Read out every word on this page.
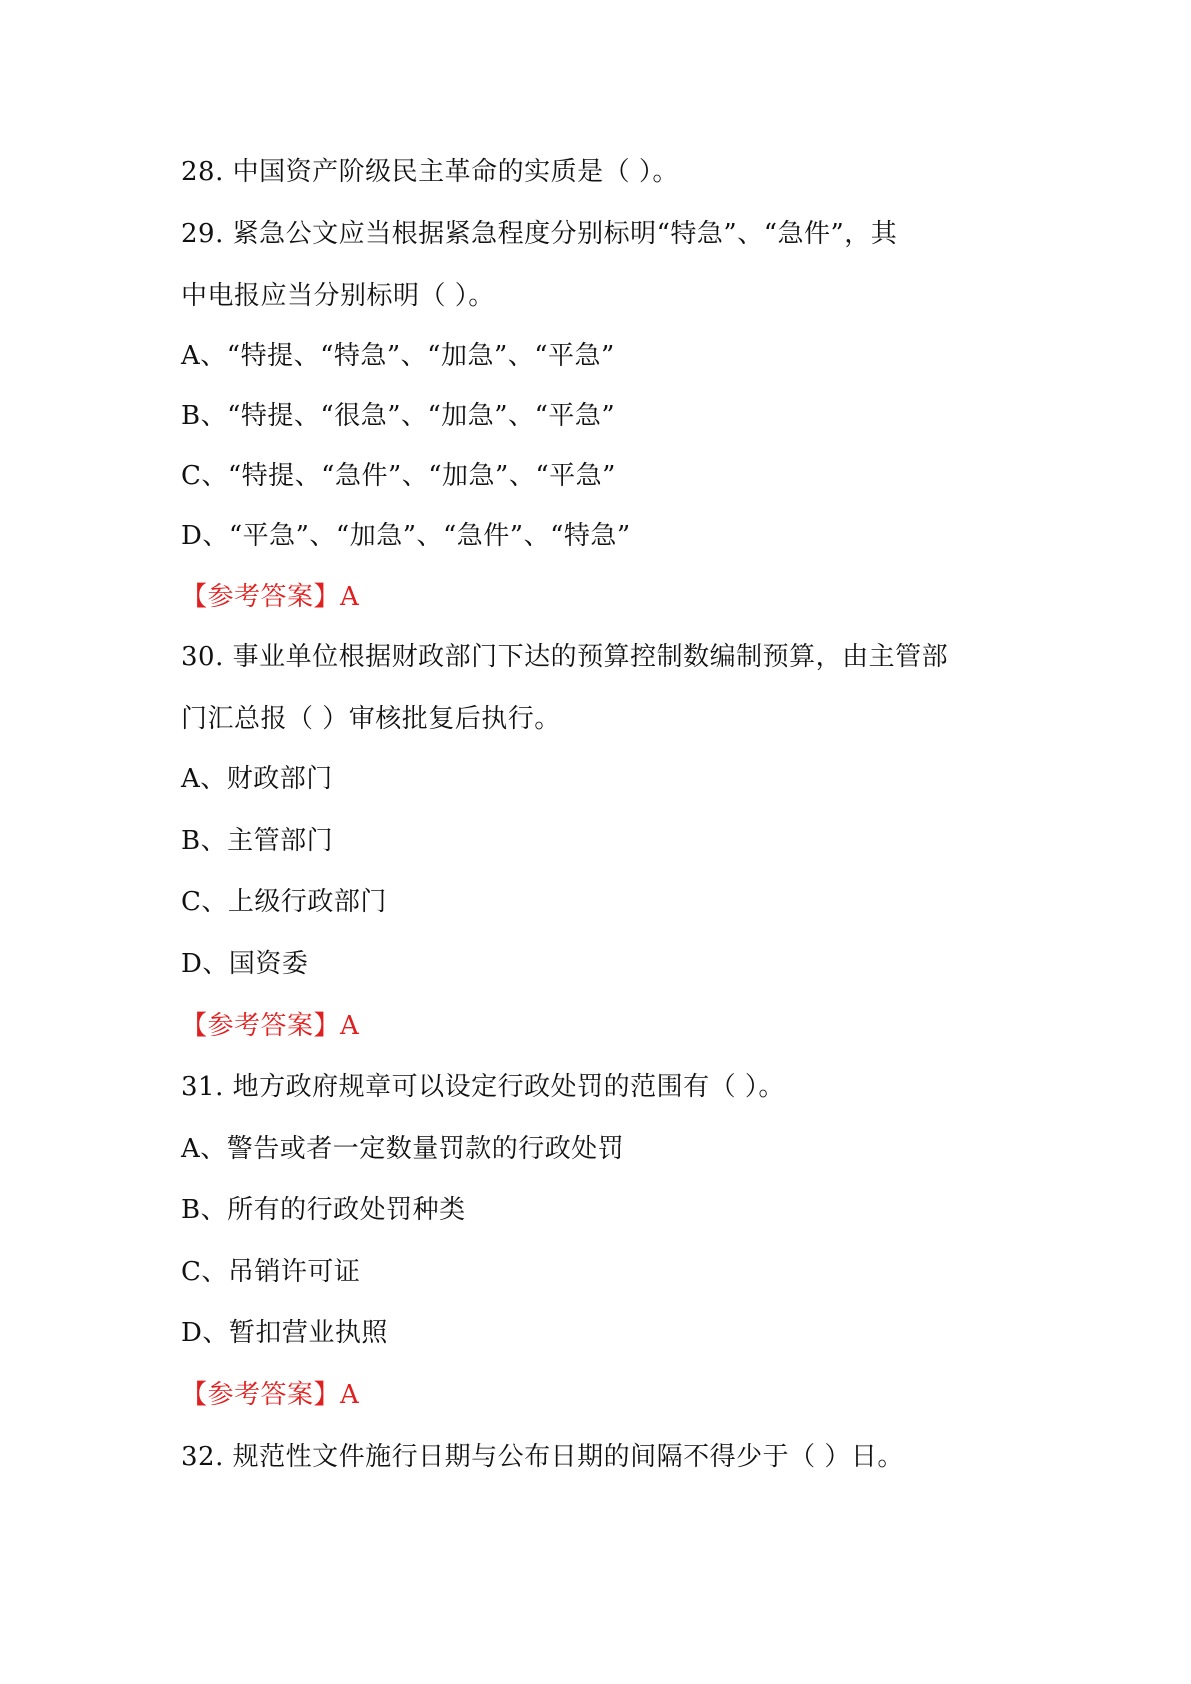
28. 中国资产阶级民主革命的实质是（ ）。
29. 紧急公文应当根据紧急程度分别标明“特急”、“急件”，其
中电报应当分别标明（ ）。
A、“特提、“特急”、“加急”、“平急”
B、“特提、“很急”、“加急”、“平急”
C、“特提、“急件”、“加急”、“平急”
D、“平急”、“加急”、“急件”、“特急”
【参考答案】A
30. 事业单位根据财政部门下达的预算控制数编制预算，由主管部
门汇总报（ ）审核批复后执行。
A、财政部门
B、主管部门
C、上级行政部门
D、国资委
【参考答案】A
31. 地方政府规章可以设定行政处罚的范围有（ ）。
A、警告或者一定数量罚款的行政处罚
B、所有的行政处罚种类
C、吊销许可证
D、暂扣营业执照
【参考答案】A
32. 规范性文件施行日期与公布日期的间隔不得少于（ ）日。
